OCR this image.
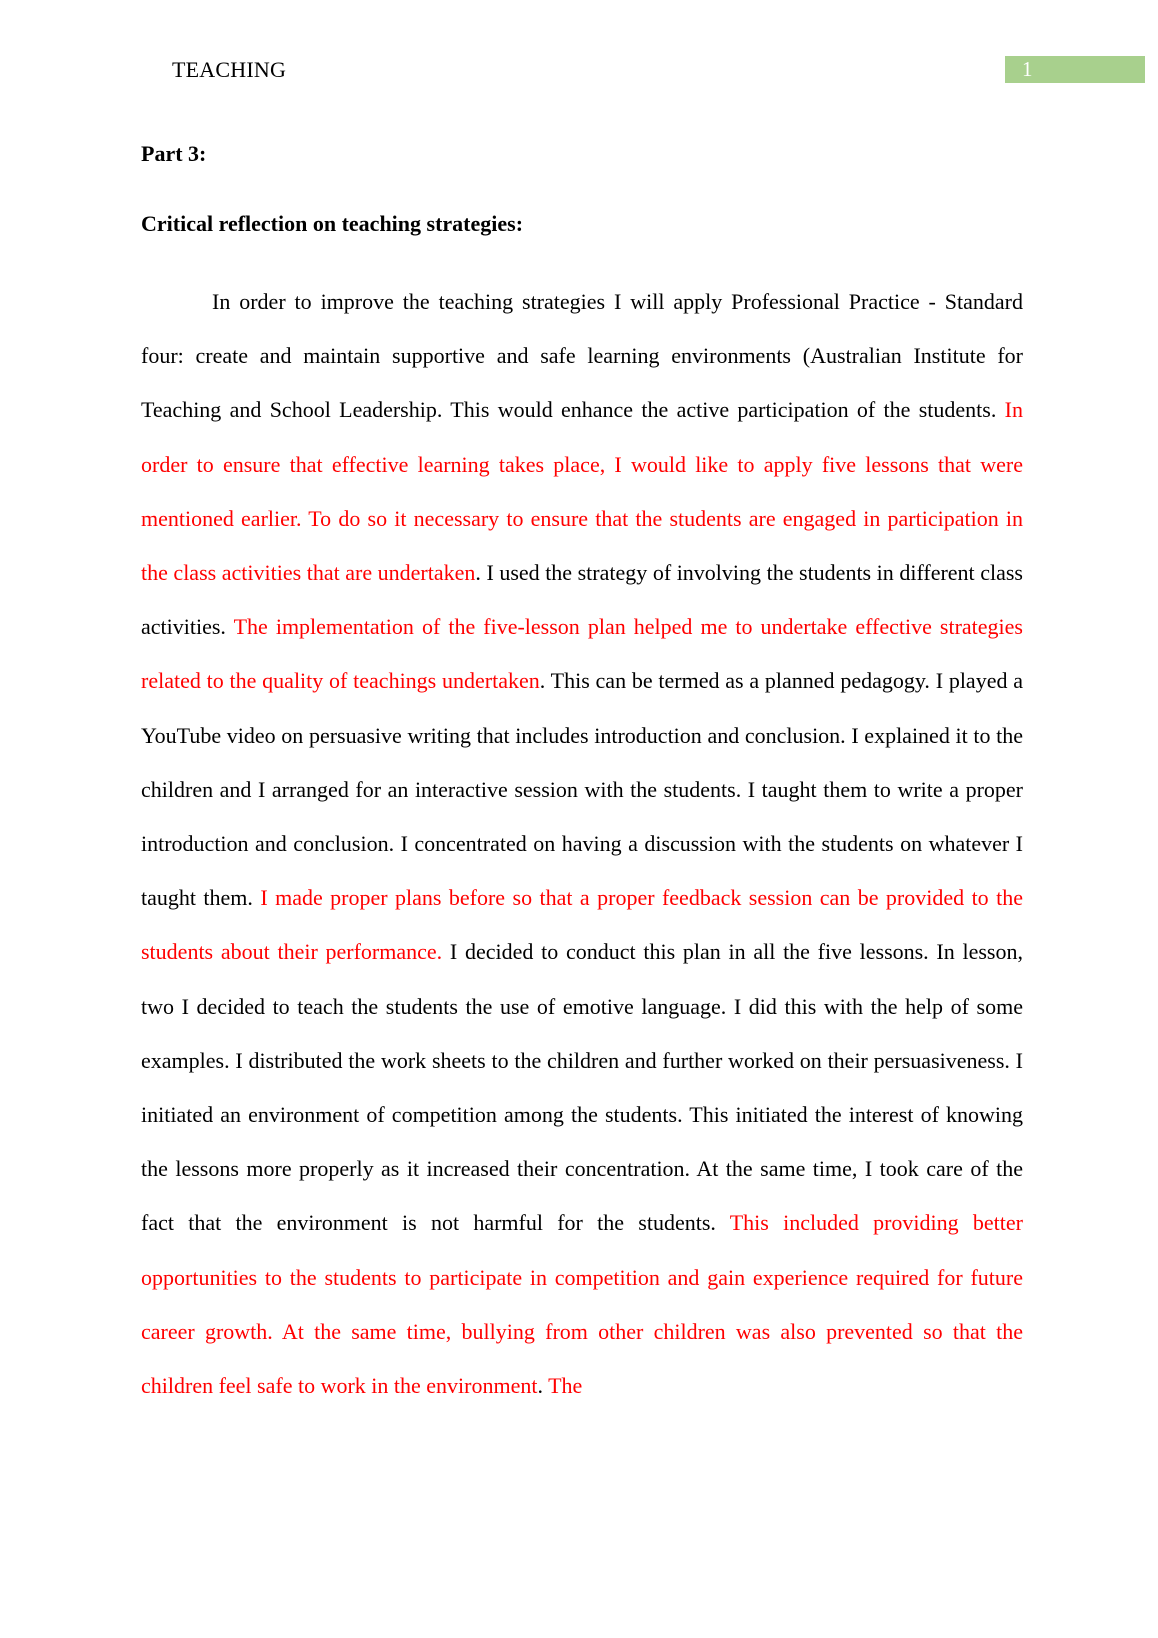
TEACHING	1
Part 3:
Critical reflection on teaching strategies:

In order to improve the teaching strategies I will apply Professional Practice - Standard four: create and maintain supportive and safe learning environments (Australian Institute for Teaching and School Leadership. This would enhance the active participation of the students. In order to ensure that effective learning takes place, I would like to apply five lessons that were mentioned earlier. To do so it necessary to ensure that the students are engaged in participation in the class activities that are undertaken. I used the strategy of involving the students in different class activities. The implementation of the five-lesson plan helped me to undertake effective strategies related to the quality of teachings undertaken. This can be termed as a planned pedagogy. I played a YouTube video on persuasive writing that includes introduction and conclusion. I explained it to the children and I arranged for an interactive session with the students. I taught them to write a proper introduction and conclusion. I concentrated on having a discussion with the students on whatever I taught them. I made proper plans before so that a proper feedback session can be provided to the students about their performance. I decided to conduct this plan in all the five lessons. In lesson, two I decided to teach the students the use of emotive language. I did this with the help of some examples. I distributed the work sheets to the children and further worked on their persuasiveness. I initiated an environment of competition among the students. This initiated the interest of knowing the lessons more properly as it increased their concentration. At the same time, I took care of the fact that the environment is not harmful for the students. This included providing better opportunities to the students to participate in competition and gain experience required for future career growth. At the same time, bullying from other children was also prevented so that the children feel safe to work in the environment. The
